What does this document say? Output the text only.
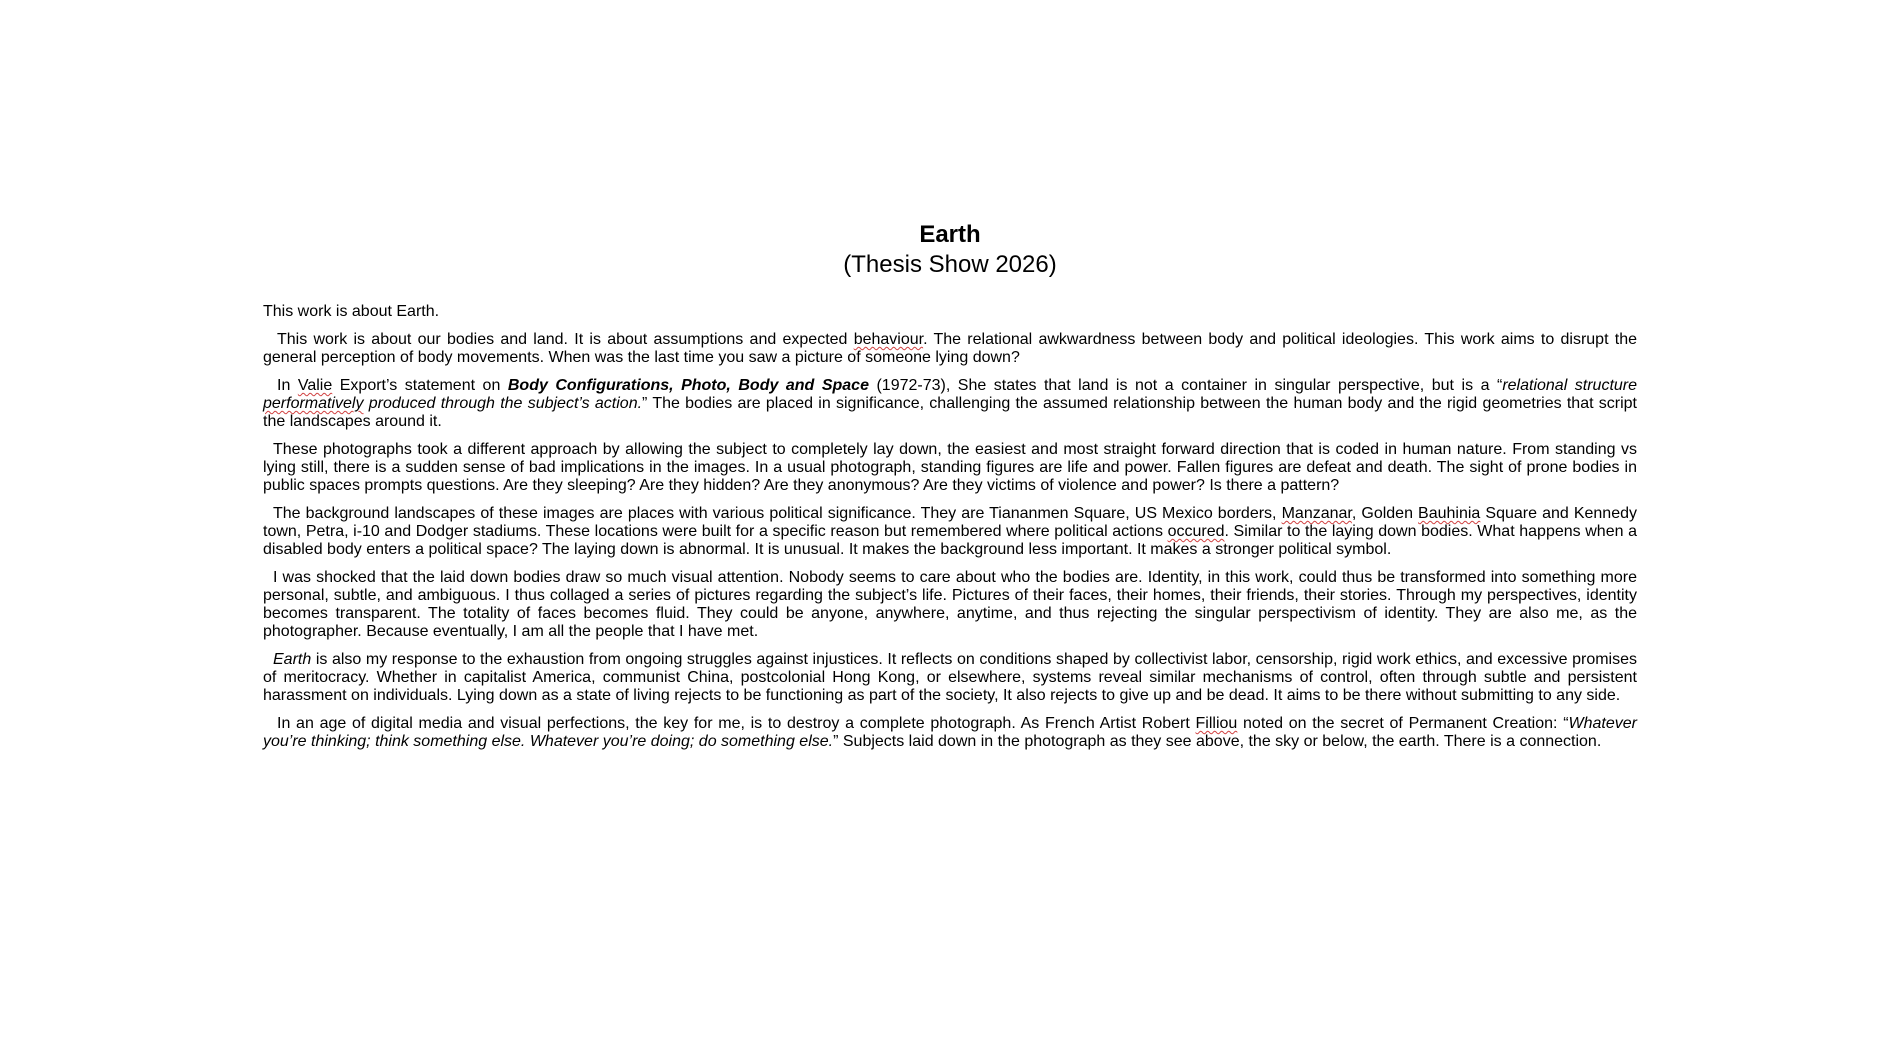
Earth
(Thesis Show 2026)

This work is about Earth.

This work is about our bodies and land. It is about assumptions and expected behaviour. The relational awkwardness between body and political ideologies. This work aims to disrupt the general perception of body movements. When was the last time you saw a picture of someone lying down?

In Valie Export’s statement on Body Configurations, Photo, Body and Space (1972-73), She states that land is not a container in singular perspective, but is a “relational structure performatively produced through the subject’s action.” The bodies are placed in significance, challenging the assumed relationship between the human body and the rigid geometries that script the landscapes around it.

These photographs took a different approach by allowing the subject to completely lay down, the easiest and most straight forward direction that is coded in human nature. From standing vs lying still, there is a sudden sense of bad implications in the images. In a usual photograph, standing figures are life and power. Fallen figures are defeat and death. The sight of prone bodies in public spaces prompts questions. Are they sleeping? Are they hidden? Are they anonymous? Are they victims of violence and power? Is there a pattern?

The background landscapes of these images are places with various political significance. They are Tiananmen Square, US Mexico borders, Manzanar, Golden Bauhinia Square and Kennedy town, Petra, i-10 and Dodger stadiums. These locations were built for a specific reason but remembered where political actions occured. Similar to the laying down bodies. What happens when a disabled body enters a political space? The laying down is abnormal. It is unusual. It makes the background less important. It makes a stronger political symbol.

I was shocked that the laid down bodies draw so much visual attention. Nobody seems to care about who the bodies are. Identity, in this work, could thus be transformed into something more personal, subtle, and ambiguous. I thus collaged a series of pictures regarding the subject’s life. Pictures of their faces, their homes, their friends, their stories. Through my perspectives, identity becomes transparent. The totality of faces becomes fluid. They could be anyone, anywhere, anytime, and thus rejecting the singular perspectivism of identity. They are also me, as the photographer. Because eventually, I am all the people that I have met.

Earth is also my response to the exhaustion from ongoing struggles against injustices. It reflects on conditions shaped by collectivist labor, censorship, rigid work ethics, and excessive promises of meritocracy. Whether in capitalist America, communist China, postcolonial Hong Kong, or elsewhere, systems reveal similar mechanisms of control, often through subtle and persistent harassment on individuals. Lying down as a state of living rejects to be functioning as part of the society, It also rejects to give up and be dead. It aims to be there without submitting to any side.

In an age of digital media and visual perfections, the key for me, is to destroy a complete photograph. As French Artist Robert Filliou noted on the secret of Permanent Creation: “Whatever you’re thinking; think something else. Whatever you’re doing; do something else.” Subjects laid down in the photograph as they see above, the sky or below, the earth. There is a connection.
